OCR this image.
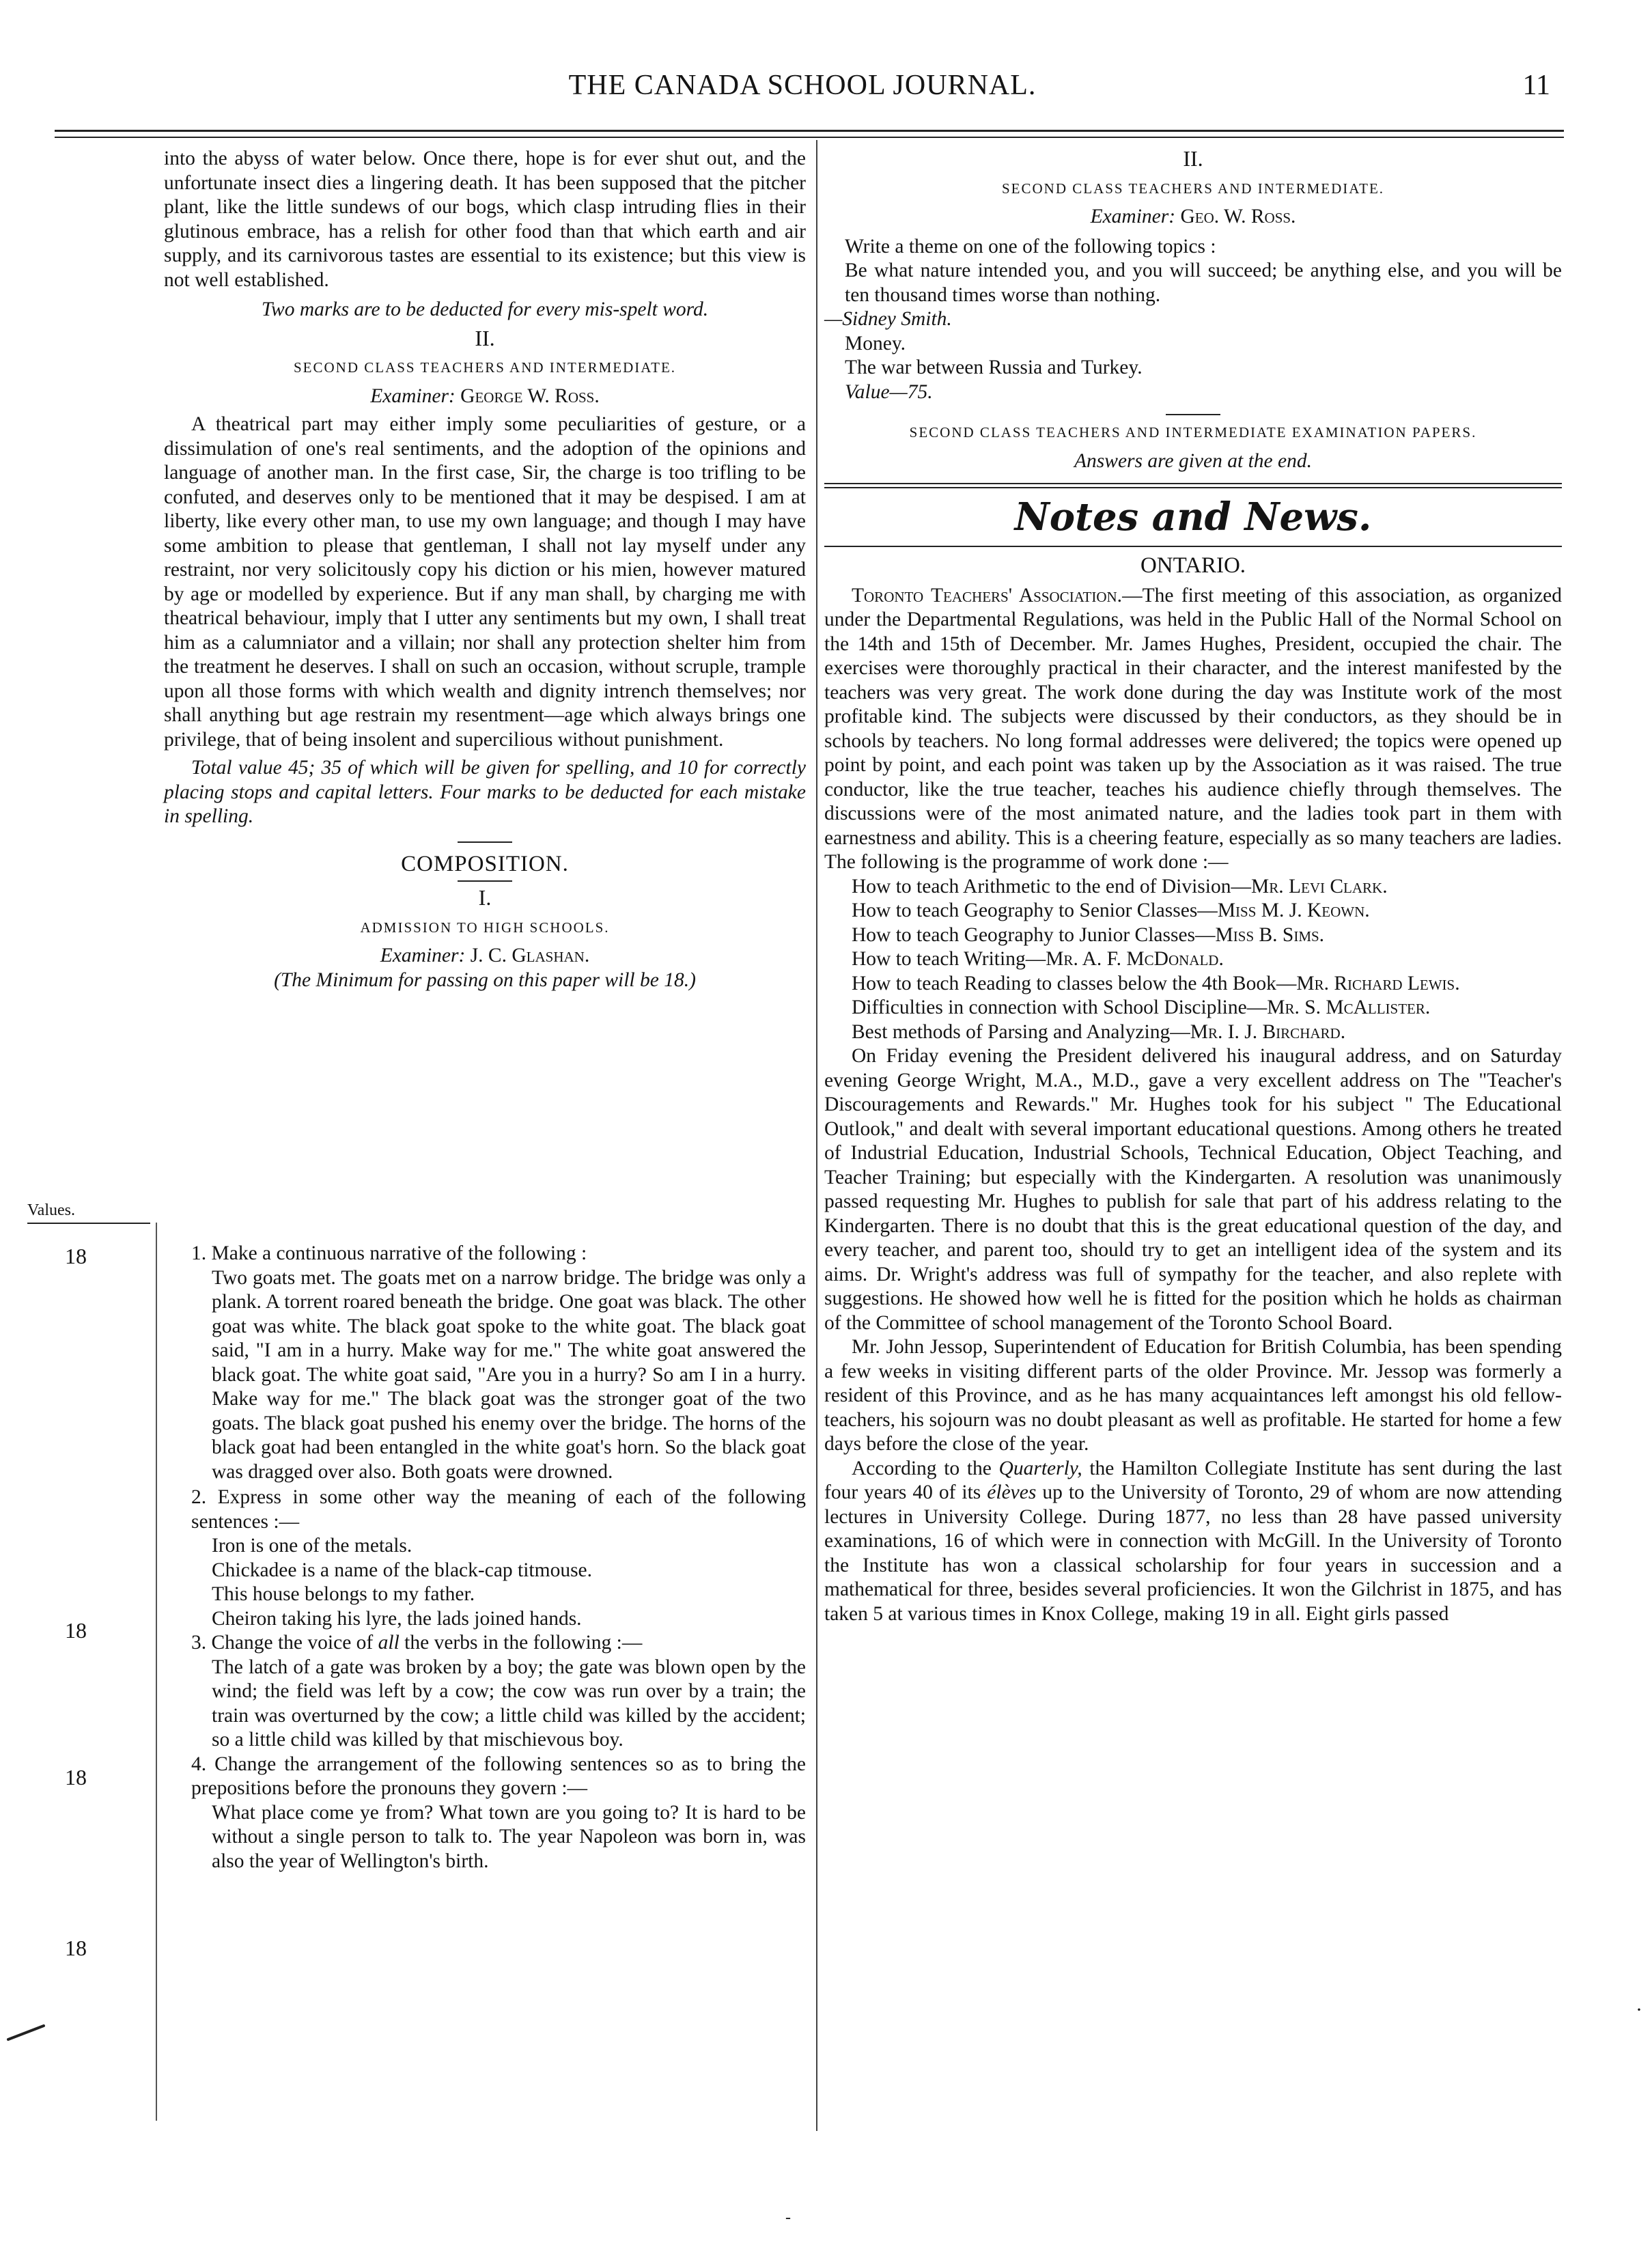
THE CANADA SCHOOL JOURNAL.	11

into the abyss of water below. Once there, hope is for ever shut out, and the unfortunate insect dies a lingering death. It has been supposed that the pitcher plant, like the little sundews of our bogs, which clasp intruding flies in their glutinous embrace, has a relish for other food than that which earth and air supply, and its carnivorous tastes are essential to its existence; but this view is not well established.

Two marks are to be deducted for every mis-spelt word.

II.
SECOND CLASS TEACHERS AND INTERMEDIATE.

Examiner: George W. Ross.

A theatrical part may either imply some peculiarities of gesture, or a dissimulation of one's real sentiments, and the adoption of the opinions and language of another man. In the first case, Sir, the charge is too trifling to be confuted, and deserves only to be mentioned that it may be despised. I am at liberty, like every other man, to use my own language; and though I may have some ambition to please that gentleman, I shall not lay myself under any restraint, nor very solicitously copy his diction or his mien, however matured by age or modelled by experience. But if any man shall, by charging me with theatrical behaviour, imply that I utter any sentiments but my own, I shall treat him as a calumniator and a villain; nor shall any protection shelter him from the treatment he deserves. I shall on such an occasion, without scruple, trample upon all those forms with which wealth and dignity intrench themselves; nor shall anything but age restrain my resentment—age which always brings one privilege, that of being insolent and supercilious without punishment.

Total value 45; 35 of which will be given for spelling, and 10 for correctly placing stops and capital letters. Four marks to be deducted for each mistake in spelling.

COMPOSITION.
I.
ADMISSION TO HIGH SCHOOLS.

Examiner: J. C. Glashan.

(The Minimum for passing on this paper will be 18.)

Values.
18
18
18
18

1. Make a continuous narrative of the following :

Two goats met. The goats met on a narrow bridge. The bridge was only a plank. A torrent roared beneath the bridge. One goat was black. The other goat was white. The black goat spoke to the white goat. The black goat said, "I am in a hurry. Make way for me." The white goat answered the black goat. The white goat said, "Are you in a hurry? So am I in a hurry. Make way for me." The black goat was the stronger goat of the two goats. The black goat pushed his enemy over the bridge. The horns of the black goat had been entangled in the white goat's horn. So the black goat was dragged over also. Both goats were drowned.

2. Express in some other way the meaning of each of the following sentences :—

Iron is one of the metals.

Chickadee is a name of the black-cap titmouse.

This house belongs to my father.

Cheiron taking his lyre, the lads joined hands.

3. Change the voice of all the verbs in the following :—

The latch of a gate was broken by a boy; the gate was blown open by the wind; the field was left by a cow; the cow was run over by a train; the train was overturned by the cow; a little child was killed by the accident; so a little child was killed by that mischievous boy.

4. Change the arrangement of the following sentences so as to bring the prepositions before the pronouns they govern :—

What place come ye from? What town are you going to? It is hard to be without a single person to talk to. The year Napoleon was born in, was also the year of Wellington's birth.

II.
SECOND CLASS TEACHERS AND INTERMEDIATE.

Examiner: Geo. W. Ross.

Write a theme on one of the following topics :

Be what nature intended you, and you will succeed; be anything else, and you will be ten thousand times worse than nothing.

—Sidney Smith.

Money.

The war between Russia and Turkey.

Value—75.

SECOND CLASS TEACHERS AND INTERMEDIATE EXAMINATION PAPERS.

Answers are given at the end.

Notes and News.
ONTARIO.

Toronto Teachers' Association.—The first meeting of this association, as organized under the Departmental Regulations, was held in the Public Hall of the Normal School on the 14th and 15th of December. Mr. James Hughes, President, occupied the chair. The exercises were thoroughly practical in their character, and the interest manifested by the teachers was very great. The work done during the day was Institute work of the most profitable kind. The subjects were discussed by their conductors, as they should be in schools by teachers. No long formal addresses were delivered; the topics were opened up point by point, and each point was taken up by the Association as it was raised. The true conductor, like the true teacher, teaches his audience chiefly through themselves. The discussions were of the most animated nature, and the ladies took part in them with earnestness and ability. This is a cheering feature, especially as so many teachers are ladies. The following is the programme of work done :—

How to teach Arithmetic to the end of Division—Mr. Levi Clark.

How to teach Geography to Senior Classes—Miss M. J. Keown.

How to teach Geography to Junior Classes—Miss B. Sims.

How to teach Writing—Mr. A. F. McDonald.

How to teach Reading to classes below the 4th Book—Mr. Richard Lewis.

Difficulties in connection with School Discipline—Mr. S. McAllister.

Best methods of Parsing and Analyzing—Mr. I. J. Birchard.

On Friday evening the President delivered his inaugural address, and on Saturday evening George Wright, M.A., M.D., gave a very excellent address on The "Teacher's Discouragements and Rewards." Mr. Hughes took for his subject " The Educational Outlook," and dealt with several important educational questions. Among others he treated of Industrial Education, Industrial Schools, Technical Education, Object Teaching, and Teacher Training; but especially with the Kindergarten. A resolution was unanimously passed requesting Mr. Hughes to publish for sale that part of his address relating to the Kindergarten. There is no doubt that this is the great educational question of the day, and every teacher, and parent too, should try to get an intelligent idea of the system and its aims. Dr. Wright's address was full of sympathy for the teacher, and also replete with suggestions. He showed how well he is fitted for the position which he holds as chairman of the Committee of school management of the Toronto School Board.

Mr. John Jessop, Superintendent of Education for British Columbia, has been spending a few weeks in visiting different parts of the older Province. Mr. Jessop was formerly a resident of this Province, and as he has many acquaintances left amongst his old fellow-teachers, his sojourn was no doubt pleasant as well as profitable. He started for home a few days before the close of the year.

According to the Quarterly, the Hamilton Collegiate Institute has sent during the last four years 40 of its élèves up to the University of Toronto, 29 of whom are now attending lectures in University College. During 1877, no less than 28 have passed university examinations, 16 of which were in connection with McGill. In the University of Toronto the Institute has won a classical scholarship for four years in succession and a mathematical for three, besides several proficiencies. It won the Gilchrist in 1875, and has taken 5 at various times in Knox College, making 19 in all. Eight girls passed

·
-
